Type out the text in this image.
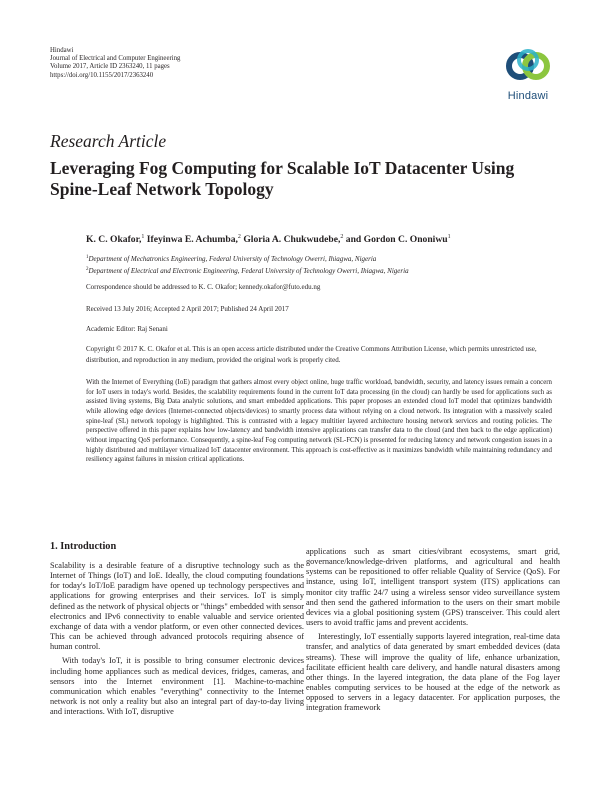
Hindawi
Journal of Electrical and Computer Engineering
Volume 2017, Article ID 2363240, 11 pages
https://doi.org/10.1155/2017/2363240
Hindawi
Research Article
Leveraging Fog Computing for Scalable IoT Datacenter Using Spine-Leaf Network Topology
K. C. Okafor,$^1$ Ifeyinwa E. Achumba,$^2$ Gloria A. Chukwudebe,$^2$ and Gordon C. Ononiwu$^1$
$^1$Department of Mechatronics Engineering, Federal University of Technology Owerri, Ihiagwa, Nigeria
$^2$Department of Electrical and Electronic Engineering, Federal University of Technology Owerri, Ihiagwa, Nigeria
Correspondence should be addressed to K. C. Okafor; kennedy.okafor@futo.edu.ng
Received 13 July 2016; Accepted 2 April 2017; Published 24 April 2017
Academic Editor: Raj Senani
Copyright © 2017 K. C. Okafor et al. This is an open access article distributed under the Creative Commons Attribution License, which permits unrestricted use, distribution, and reproduction in any medium, provided the original work is properly cited.
With the Internet of Everything (IoE) paradigm that gathers almost every object online, huge traffic workload, bandwidth, security, and latency issues remain a concern for IoT users in today's world. Besides, the scalability requirements found in the current IoT data processing (in the cloud) can hardly be used for applications such as assisted living systems, Big Data analytic solutions, and smart embedded applications. This paper proposes an extended cloud IoT model that optimizes bandwidth while allowing edge devices (Internet-connected objects/devices) to smartly process data without relying on a cloud network. Its integration with a massively scaled spine-leaf (SL) network topology is highlighted. This is contrasted with a legacy multitier layered architecture housing network services and routing policies. The perspective offered in this paper explains how low-latency and bandwidth intensive applications can transfer data to the cloud (and then back to the edge application) without impacting QoS performance. Consequently, a spine-leaf Fog computing network (SL-FCN) is presented for reducing latency and network congestion issues in a highly distributed and multilayer virtualized IoT datacenter environment. This approach is cost-effective as it maximizes bandwidth while maintaining redundancy and resiliency against failures in mission critical applications.
1. Introduction

Scalability is a desirable feature of a disruptive technology such as the Internet of Things (IoT) and IoE. Ideally, the cloud computing foundations for today's IoT/IoE paradigm have opened up technology perspectives and applications for growing enterprises and their services. IoT is simply defined as the network of physical objects or "things" embedded with sensor electronics and IPv6 connectivity to enable valuable and service oriented exchange of data with a vendor platform, or even other connected devices. This can be achieved through advanced protocols requiring absence of human control.

With today's IoT, it is possible to bring consumer electronic devices including home appliances such as medical devices, fridges, cameras, and sensors into the Internet environment [1]. Machine-to-machine communication which enables "everything" connectivity to the Internet network is not only a reality but also an integral part of day-to-day living and interactions. With IoT, disruptive

applications such as smart cities/vibrant ecosystems, smart grid, governance/knowledge-driven platforms, and agricultural and health systems can be repositioned to offer reliable Quality of Service (QoS). For instance, using IoT, intelligent transport system (ITS) applications can monitor city traffic 24/7 using a wireless sensor video surveillance system and then send the gathered information to the users on their smart mobile devices via a global positioning system (GPS) transceiver. This could alert users to avoid traffic jams and prevent accidents.

Interestingly, IoT essentially supports layered integration, real-time data transfer, and analytics of data generated by smart embedded devices (data streams). These will improve the quality of life, enhance urbanization, facilitate efficient health care delivery, and handle natural disasters among other things. In the layered integration, the data plane of the Fog layer enables computing services to be housed at the edge of the network as opposed to servers in a legacy datacenter. For application purposes, the integration framework
